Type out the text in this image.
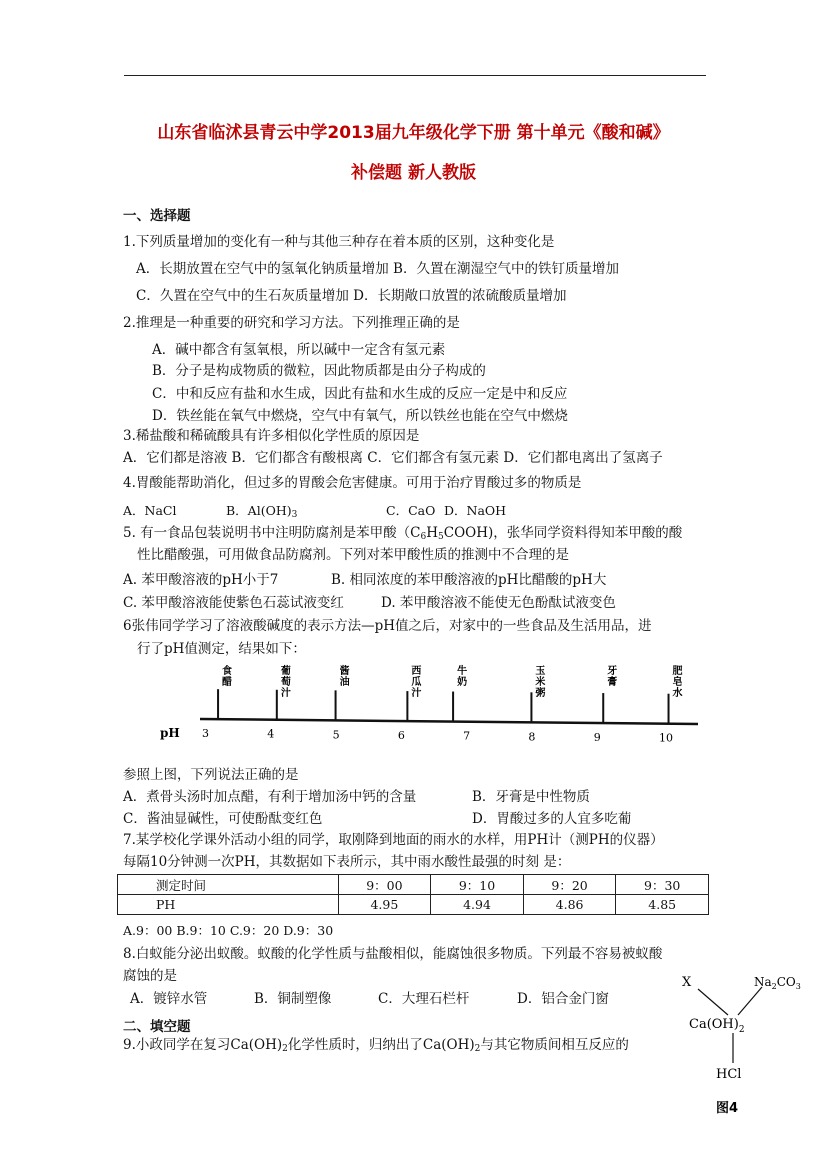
山东省临沭县青云中学2013届九年级化学下册 第十单元《酸和碱》
补偿题 新人教版
一、选择题
1.下列质量增加的变化有一种与其他三种存在着本质的区别，这种变化是
A．长期放置在空气中的氢氧化钠质量增加 B．久置在潮湿空气中的铁钉质量增加
C．久置在空气中的生石灰质量增加 D．长期敞口放置的浓硫酸质量增加
2.推理是一种重要的研究和学习方法。下列推理正确的是
A．碱中都含有氢氧根，所以碱中一定含有氢元素
B．分子是构成物质的微粒，因此物质都是由分子构成的
C．中和反应有盐和水生成，因此有盐和水生成的反应一定是中和反应
D．铁丝能在氧气中燃烧，空气中有氧气，所以铁丝也能在空气中燃烧
3.稀盐酸和稀硫酸具有许多相似化学性质的原因是
A．它们都是溶液 B．它们都含有酸根离 C．它们都含有氢元素 D．它们都电离出了氢离子
4.胃酸能帮助消化，但过多的胃酸会危害健康。可用于治疗胃酸过多的物质是
A．NaCl	B．$Al(OH)_3$	C．CaO D．NaOH
5. 有一食品包装说明书中注明防腐剂是苯甲酸$(C_6H_5COOH)$，张华同学资料得知苯甲酸的酸
性比醋酸强，可用做食品防腐剂。下列对苯甲酸性质的推测中不合理的是
A. 苯甲酸溶液的pH小于7	B. 相同浓度的苯甲酸溶液的pH比醋酸的pH大
C. 苯甲酸溶液能使紫色石蕊试液变红	D. 苯甲酸溶液不能使无色酚酞试液变色
6张伟同学学习了溶液酸碱度的表示方法—pH值之后，对家中的一些食品及生活用品，进
行了pH值测定，结果如下：
pH 3	4	5	6	7	8	9	10
食醋
葡萄汁
酱油
西瓜汁
牛奶
玉米粥
牙膏
肥皂水
参照上图，下列说法正确的是
A．煮骨头汤时加点醋，有利于增加汤中钙的含量	B．牙膏是中性物质
C．酱油显碱性，可使酚酞变红色	D．胃酸过多的人宜多吃葡
7.某学校化学课外活动小组的同学，取刚降到地面的雨水的水样，用PH计（测PH的仪器）
每隔10分钟测一次PH，其数据如下表所示，其中雨水酸性最强的时刻 是：
测定时间	9：00	9：10	9：20	9：30
PH	4.95	4.94	4.86	4.85
A.9：00 B.9：10 C.9：20 D.9：30
8.白蚁能分泌出蚁酸。蚁酸的化学性质与盐酸相似，能腐蚀很多物质。下列最不容易被蚁酸
腐蚀的是
A．镀锌水管	B．铜制塑像	C．大理石栏杆	D．铝合金门窗
二、填空题
9.小政同学在复习$Ca(OH)_2$化学性质时，归纳出了$Ca(OH)_2$与其它物质间相互反应的
X	$Na_2CO_3$
$Ca(OH)_2$
HCl
图4
